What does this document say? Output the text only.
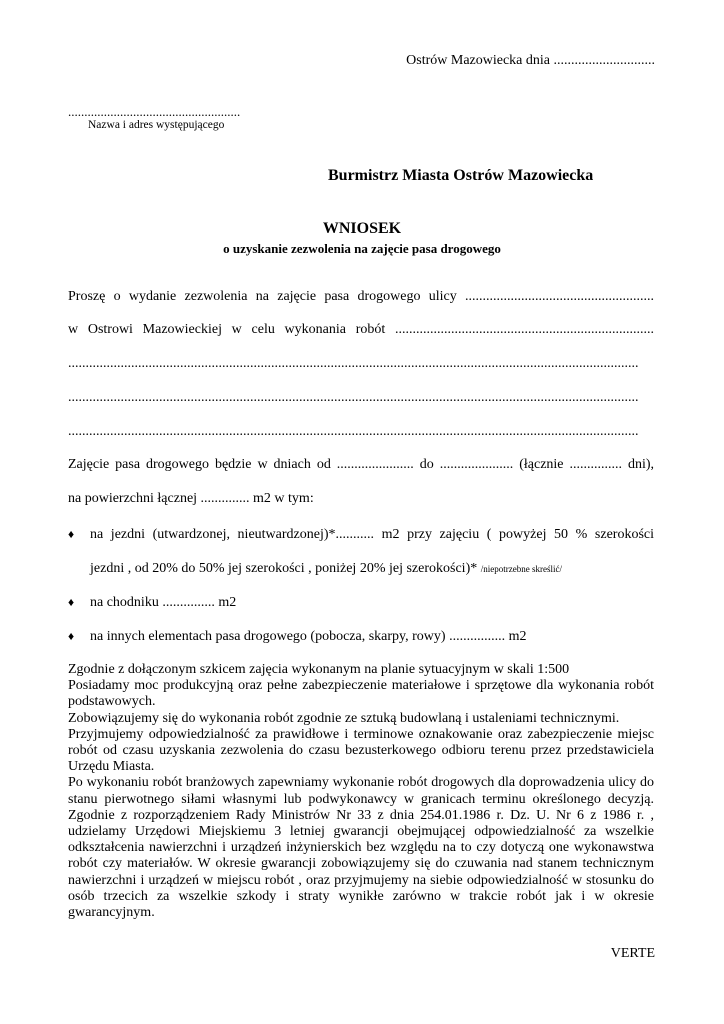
Ostrów Mazowiecka dnia .............................
.....................................................
Nazwa i adres występującego
Burmistrz Miasta Ostrów Mazowiecka
WNIOSEK
o uzyskanie zezwolenia na zajęcie pasa drogowego
Proszę o wydanie zezwolenia na zajęcie pasa drogowego ulicy ......................................................
w Ostrowi Mazowieckiej w celu wykonania robót ..........................................................................
...................................................................................................................................................................
...................................................................................................................................................................
...................................................................................................................................................................
Zajęcie pasa drogowego będzie w dniach od ...................... do ..................... (łącznie ............... dni),
na powierzchni łącznej .............. m2 w tym:
♦	na jezdni (utwardzonej, nieutwardzonej)*........... m2 przy zajęciu ( powyżej 50 % szerokości
jezdni , od 20% do 50% jej szerokości , poniżej 20% jej szerokości)* /niepotrzebne skreślić/
♦ na chodniku ............... m2
♦ na innych elementach pasa drogowego (pobocza, skarpy, rowy) ................ m2

Zgodnie z dołączonym szkicem zajęcia wykonanym na planie sytuacyjnym w skali 1:500

Posiadamy moc produkcyjną oraz pełne zabezpieczenie materiałowe i sprzętowe dla wykonania robót podstawowych.

Zobowiązujemy się do wykonania robót zgodnie ze sztuką budowlaną i ustaleniami technicznymi.

Przyjmujemy odpowiedzialność za prawidłowe i terminowe oznakowanie oraz zabezpieczenie miejsc robót od czasu uzyskania zezwolenia do czasu bezusterkowego odbioru terenu przez przedstawiciela Urzędu Miasta.

Po wykonaniu robót branżowych zapewniamy wykonanie robót drogowych dla doprowadzenia ulicy do stanu pierwotnego siłami własnymi lub podwykonawcy w granicach terminu określonego decyzją. Zgodnie z rozporządzeniem Rady Ministrów Nr 33 z dnia 254.01.1986 r. Dz. U. Nr 6 z 1986 r. , udzielamy Urzędowi Miejskiemu 3 letniej gwarancji obejmującej odpowiedzialność za wszelkie odkształcenia nawierzchni i urządzeń inżynierskich bez względu na to czy dotyczą one wykonawstwa robót czy materiałów. W okresie gwarancji zobowiązujemy się do czuwania nad stanem technicznym nawierzchni i urządzeń w miejscu robót , oraz przyjmujemy na siebie odpowiedzialność w stosunku do osób trzecich za wszelkie szkody i straty wynikłe zarówno w trakcie robót jak i w okresie gwarancyjnym.

VERTE
